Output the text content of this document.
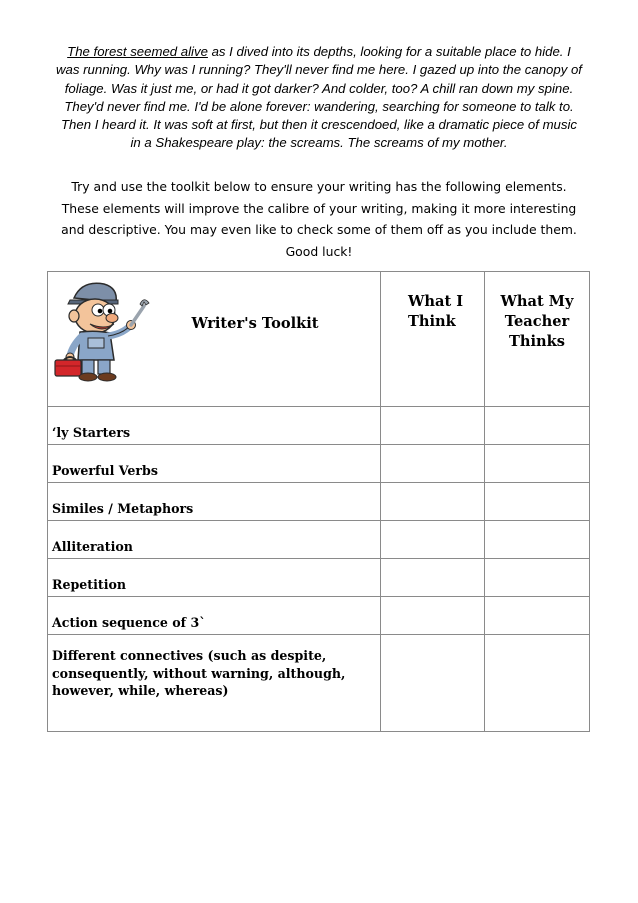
The forest seemed alive as I dived into its depths, looking for a suitable place to hide. I was running. Why was I running? They'll never find me here. I gazed up into the canopy of foliage. Was it just me, or had it got darker? And colder, too? A chill ran down my spine. They'd never find me. I'd be alone forever: wandering, searching for someone to talk to. Then I heard it. It was soft at first, but then it crescendoed, like a dramatic piece of music in a Shakespeare play: the screams. The screams of my mother.

Try and use the toolkit below to ensure your writing has the following elements. These elements will improve the calibre of your writing, making it more interesting and descriptive. You may even like to check some of them off as you include them. Good luck!

Writer's Toolkit	What I Think	What My Teacher Thinks

‘ly Starters		

Powerful Verbs		

Similes / Metaphors		

Alliteration		

Repetition		

Action sequence of 3`		

Different connectives (such as despite, consequently, without warning, although, however, while, whereas)		
